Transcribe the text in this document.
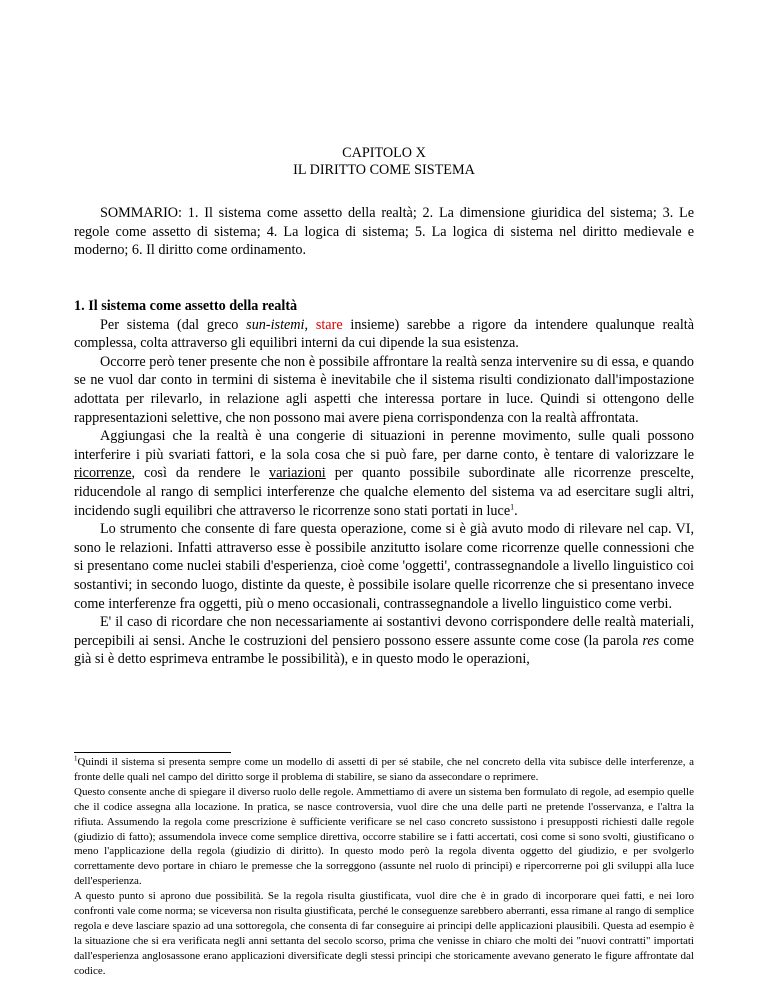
CAPITOLO X
IL DIRITTO COME SISTEMA

SOMMARIO: 1. Il sistema come assetto della realtà; 2. La dimensione giuridica del sistema; 3. Le regole come assetto di sistema; 4. La logica di sistema; 5. La logica di sistema nel diritto medievale e moderno; 6. Il diritto come ordinamento.

1. Il sistema come assetto della realtà

Per sistema (dal greco sun-istemi, stare insieme) sarebbe a rigore da intendere qualunque realtà complessa, colta attraverso gli equilibri interni da cui dipende la sua esistenza.

Occorre però tener presente che non è possibile affrontare la realtà senza intervenire su di essa, e quando se ne vuol dar conto in termini di sistema è inevitabile che il sistema risulti condizionato dall'impostazione adottata per rilevarlo, in relazione agli aspetti che interessa portare in luce. Quindi si ottengono delle rappresentazioni selettive, che non possono mai avere piena corrispondenza con la realtà affrontata.

Aggiungasi che la realtà è una congerie di situazioni in perenne movimento, sulle quali possono interferire i più svariati fattori, e la sola cosa che si può fare, per darne conto, è tentare di valorizzare le ricorrenze, così da rendere le variazioni per quanto possibile subordinate alle ricorrenze prescelte, riducendole al rango di semplici interferenze che qualche elemento del sistema va ad esercitare sugli altri, incidendo sugli equilibri che attraverso le ricorrenze sono stati portati in luce$^1$.

Lo strumento che consente di fare questa operazione, come si è già avuto modo di rilevare nel cap. VI, sono le relazioni. Infatti attraverso esse è possibile anzitutto isolare come ricorrenze quelle connessioni che si presentano come nuclei stabili d'esperienza, cioè come 'oggetti', contrassegnandole a livello linguistico coi sostantivi; in secondo luogo, distinte da queste, è possibile isolare quelle ricorrenze che si presentano invece come interferenze fra oggetti, più o meno occasionali, contrassegnandole a livello linguistico come verbi.

E' il caso di ricordare che non necessariamente ai sostantivi devono corrispondere delle realtà materiali, percepibili ai sensi. Anche le costruzioni del pensiero possono essere assunte come cose (la parola res come già si è detto esprimeva entrambe le possibilità), e in questo modo le operazioni,

$^1$Quindi il sistema si presenta sempre come un modello di assetti di per sé stabile, che nel concreto della vita subisce delle interferenze, a fronte delle quali nel campo del diritto sorge il problema di stabilire, se siano da assecondare o reprimere.

Questo consente anche di spiegare il diverso ruolo delle regole. Ammettiamo di avere un sistema ben formulato di regole, ad esempio quelle che il codice assegna alla locazione. In pratica, se nasce controversia, vuol dire che una delle parti ne pretende l'osservanza, e l'altra la rifiuta. Assumendo la regola come prescrizione è sufficiente verificare se nel caso concreto sussistono i presupposti richiesti dalle regole (giudizio di fatto); assumendola invece come semplice direttiva, occorre stabilire se i fatti accertati, così come si sono svolti, giustificano o meno l'applicazione della regola (giudizio di diritto). In questo modo però la regola diventa oggetto del giudizio, e per svolgerlo correttamente devo portare in chiaro le premesse che la sorreggono (assunte nel ruolo di principi) e ripercorrerne poi gli sviluppi alla luce dell'esperienza.

A questo punto si aprono due possibilità. Se la regola risulta giustificata, vuol dire che è in grado di incorporare quei fatti, e nei loro confronti vale come norma; se viceversa non risulta giustificata, perché le conseguenze sarebbero aberranti, essa rimane al rango di semplice regola e deve lasciare spazio ad una sottoregola, che consenta di far conseguire ai principi delle applicazioni plausibili. Questa ad esempio è la situazione che si era verificata negli anni settanta del secolo scorso, prima che venisse in chiaro che molti dei "nuovi contratti" importati dall'esperienza anglosassone erano applicazioni diversificate degli stessi principi che storicamente avevano generato le figure affrontate dal codice.
